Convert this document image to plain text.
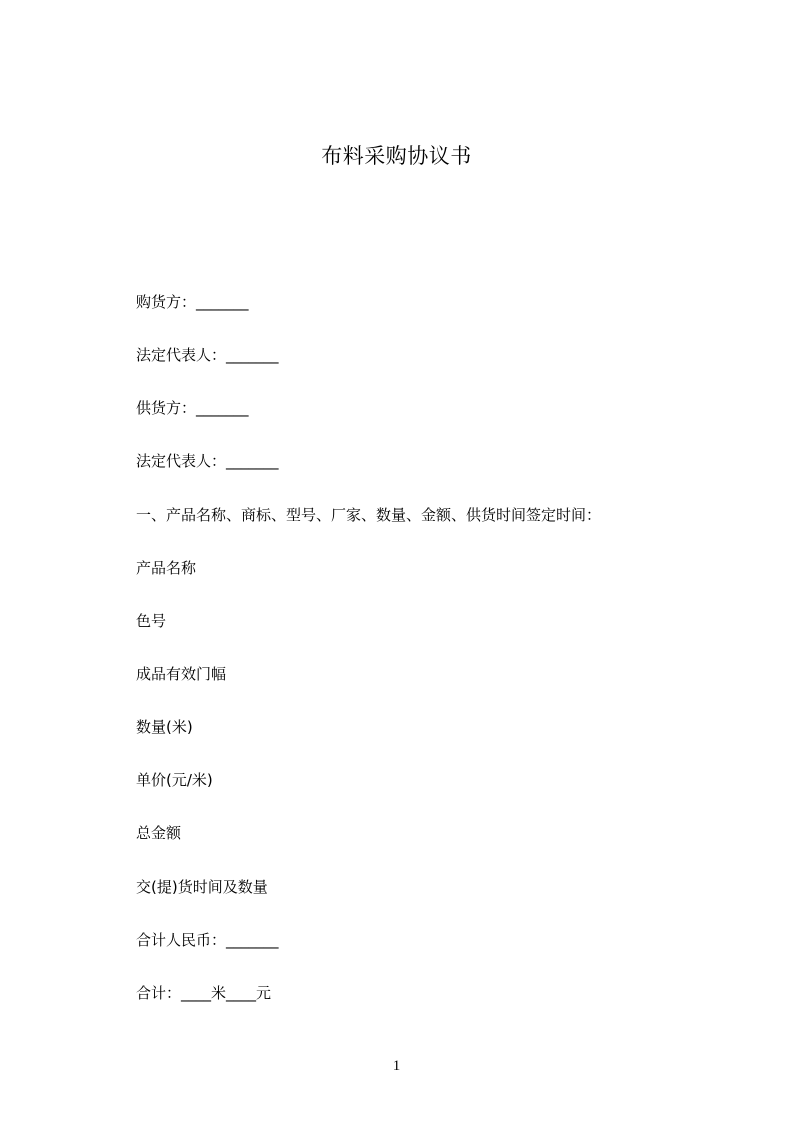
布料采购协议书
购货方：_______
法定代表人：_______
供货方：_______
法定代表人：_______
一、产品名称、商标、型号、厂家、数量、金额、供货时间签定时间：
产品名称
色号
成品有效门幅
数量(米)
单价(元/米)
总金额
交(提)货时间及数量
合计人民币：_______
合计：____米____元
1
